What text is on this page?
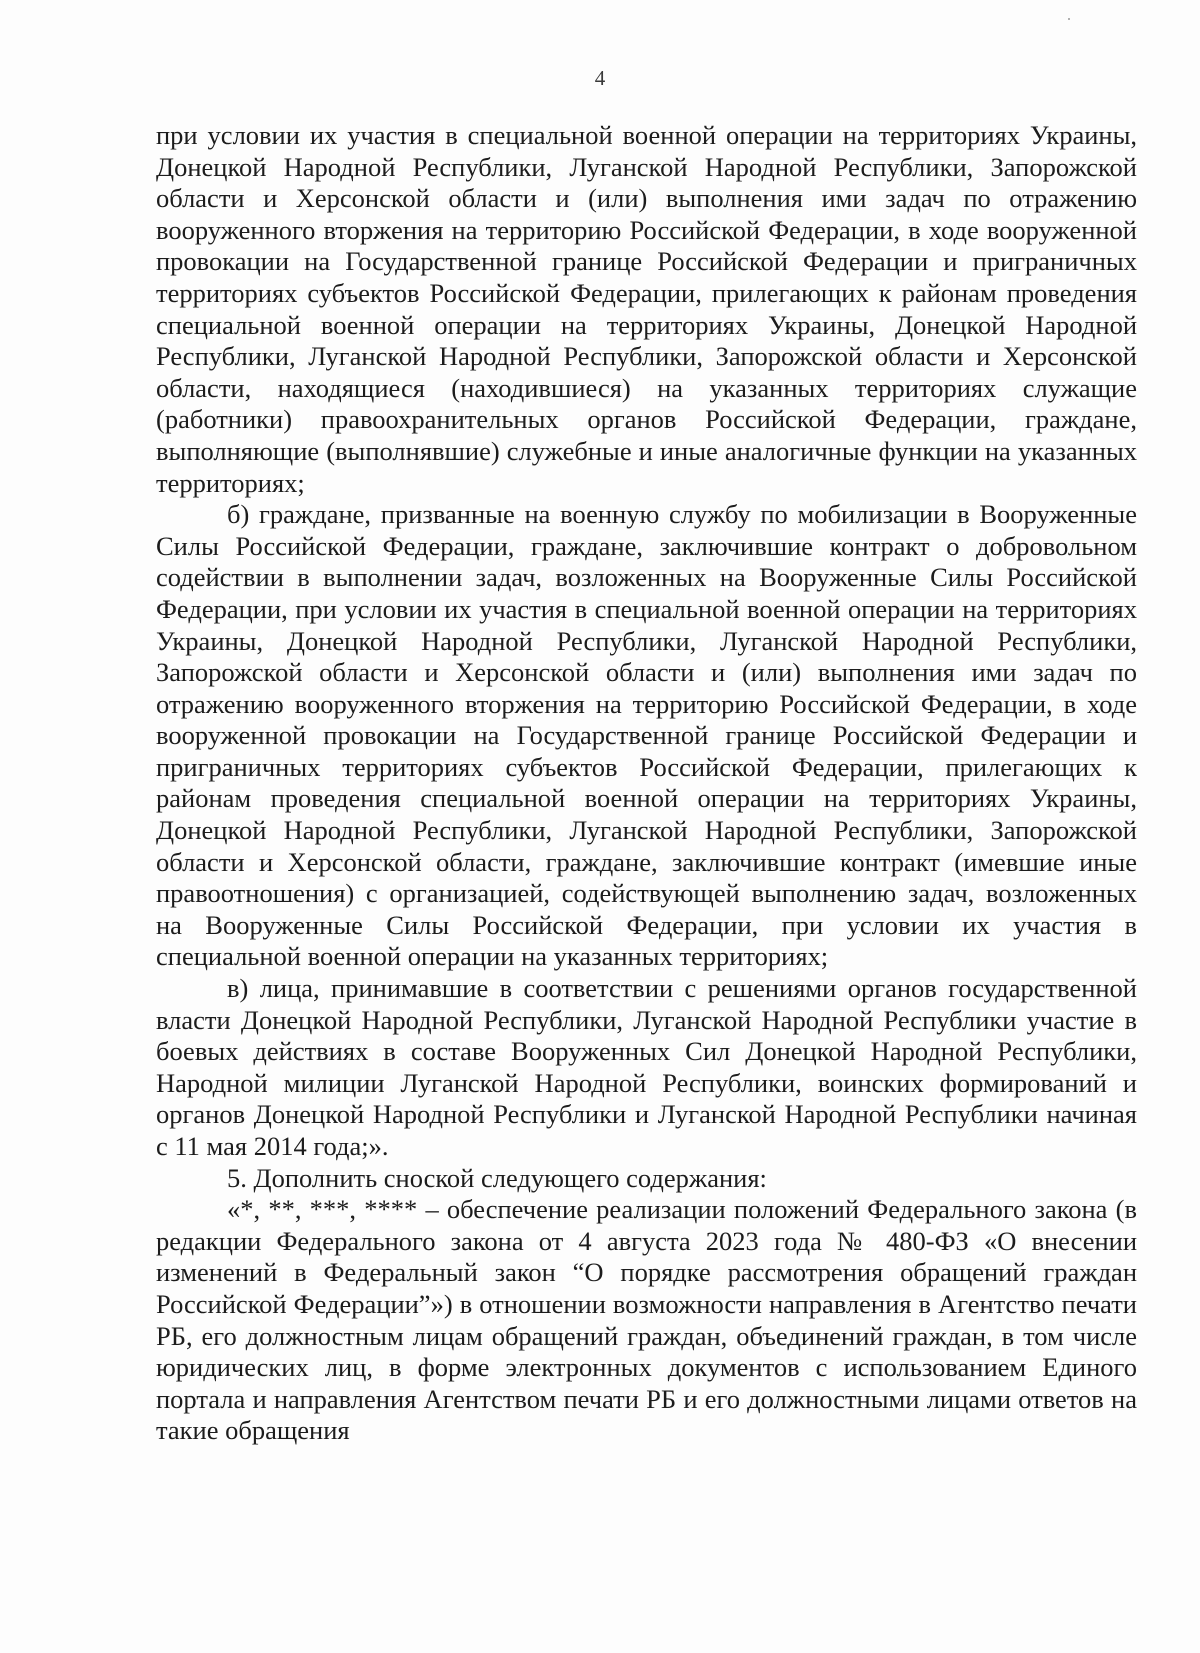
4

при условии их участия в специальной военной операции на территориях Украины, Донецкой Народной Республики, Луганской Народной Республики, Запорожской области и Херсонской области и (или) выполнения ими задач по отражению вооруженного вторжения на территорию Российской Федерации, в ходе вооруженной провокации на Государственной границе Российской Федерации и приграничных территориях субъектов Российской Федерации, прилегающих к районам проведения специальной военной операции на территориях Украины, Донецкой Народной Республики, Луганской Народной Республики, Запорожской области и Херсонской области, находящиеся (находившиеся) на указанных территориях служащие (работники) правоохранительных органов Российской Федерации, граждане, выполняющие (выполнявшие) служебные и иные аналогичные функции на указанных территориях;

б) граждане, призванные на военную службу по мобилизации в Вооруженные Силы Российской Федерации, граждане, заключившие контракт о добровольном содействии в выполнении задач, возложенных на Вооруженные Силы Российской Федерации, при условии их участия в специальной военной операции на территориях Украины, Донецкой Народной Республики, Луганской Народной Республики, Запорожской области и Херсонской области и (или) выполнения ими задач по отражению вооруженного вторжения на территорию Российской Федерации, в ходе вооруженной провокации на Государственной границе Российской Федерации и приграничных территориях субъектов Российской Федерации, прилегающих к районам проведения специальной военной операции на территориях Украины, Донецкой Народной Республики, Луганской Народной Республики, Запорожской области и Херсонской области, граждане, заключившие контракт (имевшие иные правоотношения) с организацией, содействующей выполнению задач, возложенных на Вооруженные Силы Российской Федерации, при условии их участия в специальной военной операции на указанных территориях;

в) лица, принимавшие в соответствии с решениями органов государственной власти Донецкой Народной Республики, Луганской Народной Республики участие в боевых действиях в составе Вооруженных Сил Донецкой Народной Республики, Народной милиции Луганской Народной Республики, воинских формирований и органов Донецкой Народной Республики и Луганской Народной Республики начиная с 11 мая 2014 года;».

5. Дополнить сноской следующего содержания:

«*, **, ***, **** – обеспечение реализации положений Федерального закона (в редакции Федерального закона от 4 августа 2023 года № 480-ФЗ «О внесении изменений в Федеральный закон “О порядке рассмотрения обращений граждан Российской Федерации”») в отношении возможности направления в Агентство печати РБ, его должностным лицам обращений граждан, объединений граждан, в том числе юридических лиц, в форме электронных документов с использованием Единого портала и направления Агентством печати РБ и его должностными лицами ответов на такие обращения
